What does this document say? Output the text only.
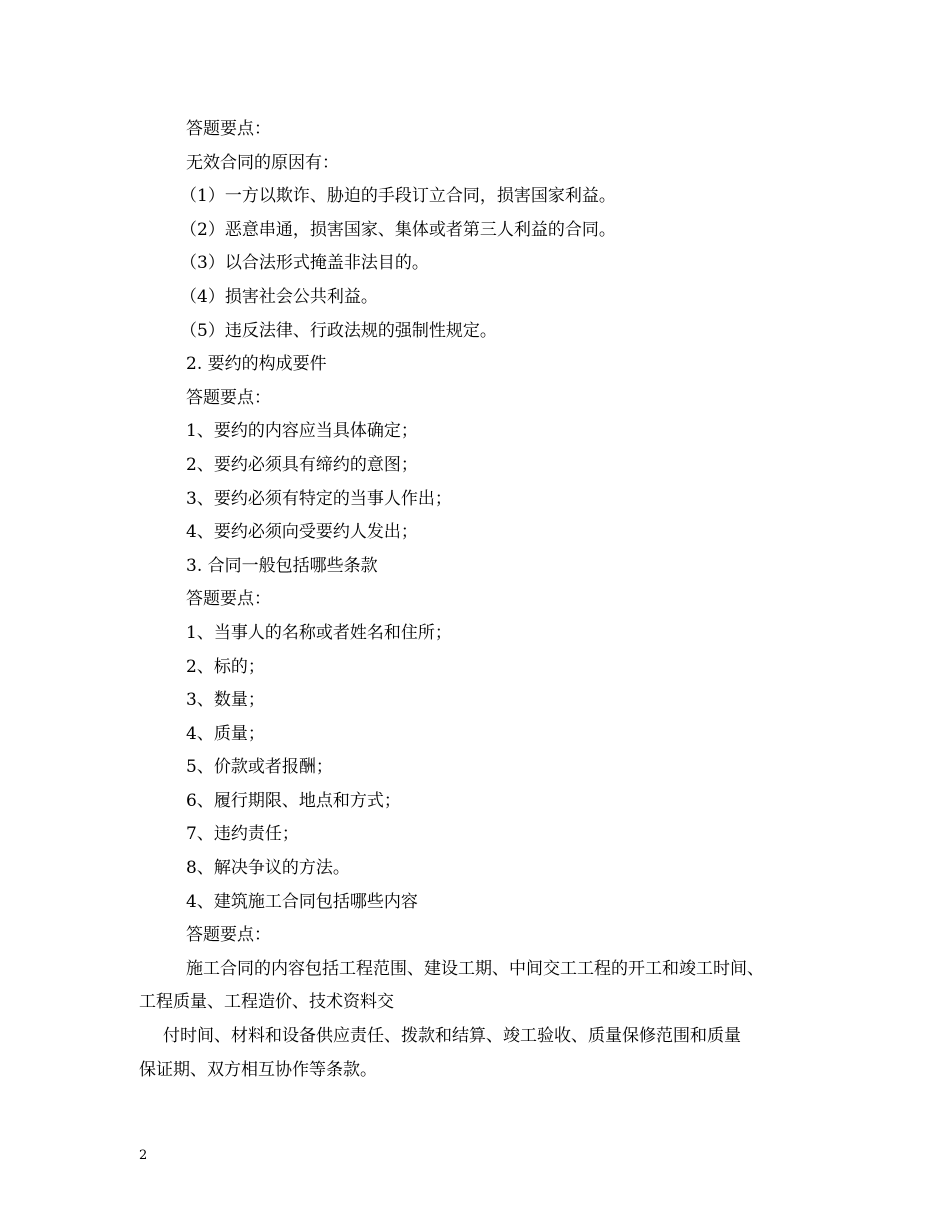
答题要点：
无效合同的原因有：
（1）一方以欺诈、胁迫的手段订立合同，损害国家利益。
（2）恶意串通，损害国家、集体或者第三人利益的合同。
（3）以合法形式掩盖非法目的。
（4）损害社会公共利益。
（5）违反法律、行政法规的强制性规定。
2. 要约的构成要件
答题要点：
1、要约的内容应当具体确定；
2、要约必须具有缔约的意图；
3、要约必须有特定的当事人作出；
4、要约必须向受要约人发出；
3. 合同一般包括哪些条款
答题要点：
1、当事人的名称或者姓名和住所；
2、标的；
3、数量；
4、质量；
5、价款或者报酬；
6、履行期限、地点和方式；
7、违约责任；
8、解决争议的方法。
4、建筑施工合同包括哪些内容
答题要点：
施工合同的内容包括工程范围、建设工期、中间交工工程的开工和竣工时间、
工程质量、工程造价、技术资料交
付时间、材料和设备供应责任、拨款和结算、竣工验收、质量保修范围和质量
保证期、双方相互协作等条款。
2
